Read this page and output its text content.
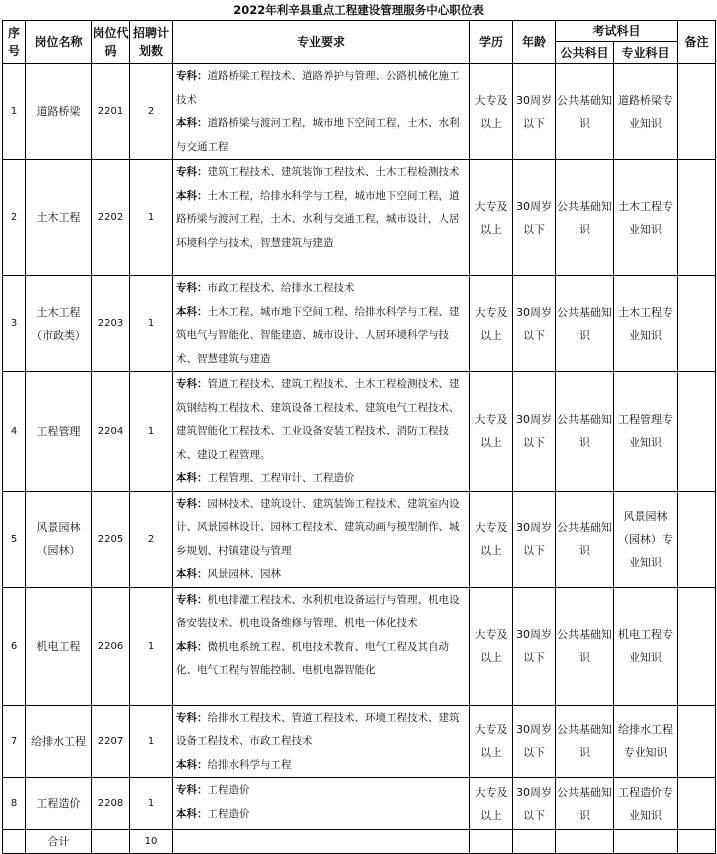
2022年利辛县重点工程建设管理服务中心职位表
序号	岗位名称	岗位代码	招聘计划数	专业要求	学历	年龄	考试科目		备注
							公共科目	专业科目	
1	道路桥梁	2201	2	专科：道路桥梁工程技术、道路养护与管理、公路机械化施工技术
本科：道路桥梁与渡河工程，城市地下空间工程，土木、水利与交通工程	大专及以上	30周岁以下	公共基础知识	道路桥梁专业知识	
2	土木工程	2202	1	专科：建筑工程技术、建筑装饰工程技术、土木工程检测技术
本科：土木工程，给排水科学与工程，城市地下空间工程，道路桥梁与渡河工程，土木、水利与交通工程，城市设计，人居环境科学与技术，智慧建筑与建造	大专及以上	30周岁以下	公共基础知识	土木工程专业知识	
3	土木工程（市政类）	2203	1	专科：市政工程技术、给排水工程技术
本科：土木工程、城市地下空间工程、给排水科学与工程、建筑电气与智能化、智能建造、城市设计、人居环境科学与技术、智慧建筑与建造	大专及以上	30周岁以下	公共基础知识	土木工程专业知识	
4	工程管理	2204	1	专科：管道工程技术、建筑工程技术、土木工程检测技术、建筑钢结构工程技术、建筑设备工程技术、建筑电气工程技术、建筑智能化工程技术、工业设备安装工程技术、消防工程技术、建设工程管理。
本科：工程管理、工程审计、工程造价	大专及以上	30周岁以下	公共基础知识	工程管理专业知识	
5	风景园林（园林）	2205	2	专科：园林技术、建筑设计、建筑装饰工程技术、建筑室内设计、风景园林设计、园林工程技术、建筑动画与模型制作、城乡规划、村镇建设与管理
本科：风景园林、园林	大专及以上	30周岁以下	公共基础知识	风景园林（园林）专业知识	
6	机电工程	2206	1	专科：机电排灌工程技术、水利机电设备运行与管理、机电设备安装技术、机电设备维修与管理、机电一体化技术
本科：微机电系统工程、机电技术教育、电气工程及其自动化、电气工程与智能控制、电机电器智能化	大专及以上	30周岁以下	公共基础知识	机电工程专业知识	
7	给排水工程	2207	1	专科：给排水工程技术、管道工程技术、环境工程技术、建筑设备工程技术、市政工程技术
本科：给排水科学与工程	大专及以上	30周岁以下	公共基础知识	给排水工程专业知识	
8	工程造价	2208	1	专科：工程造价
本科：工程造价	大专及以上	30周岁以下	公共基础知识	工程造价专业知识	
	合计		10						
